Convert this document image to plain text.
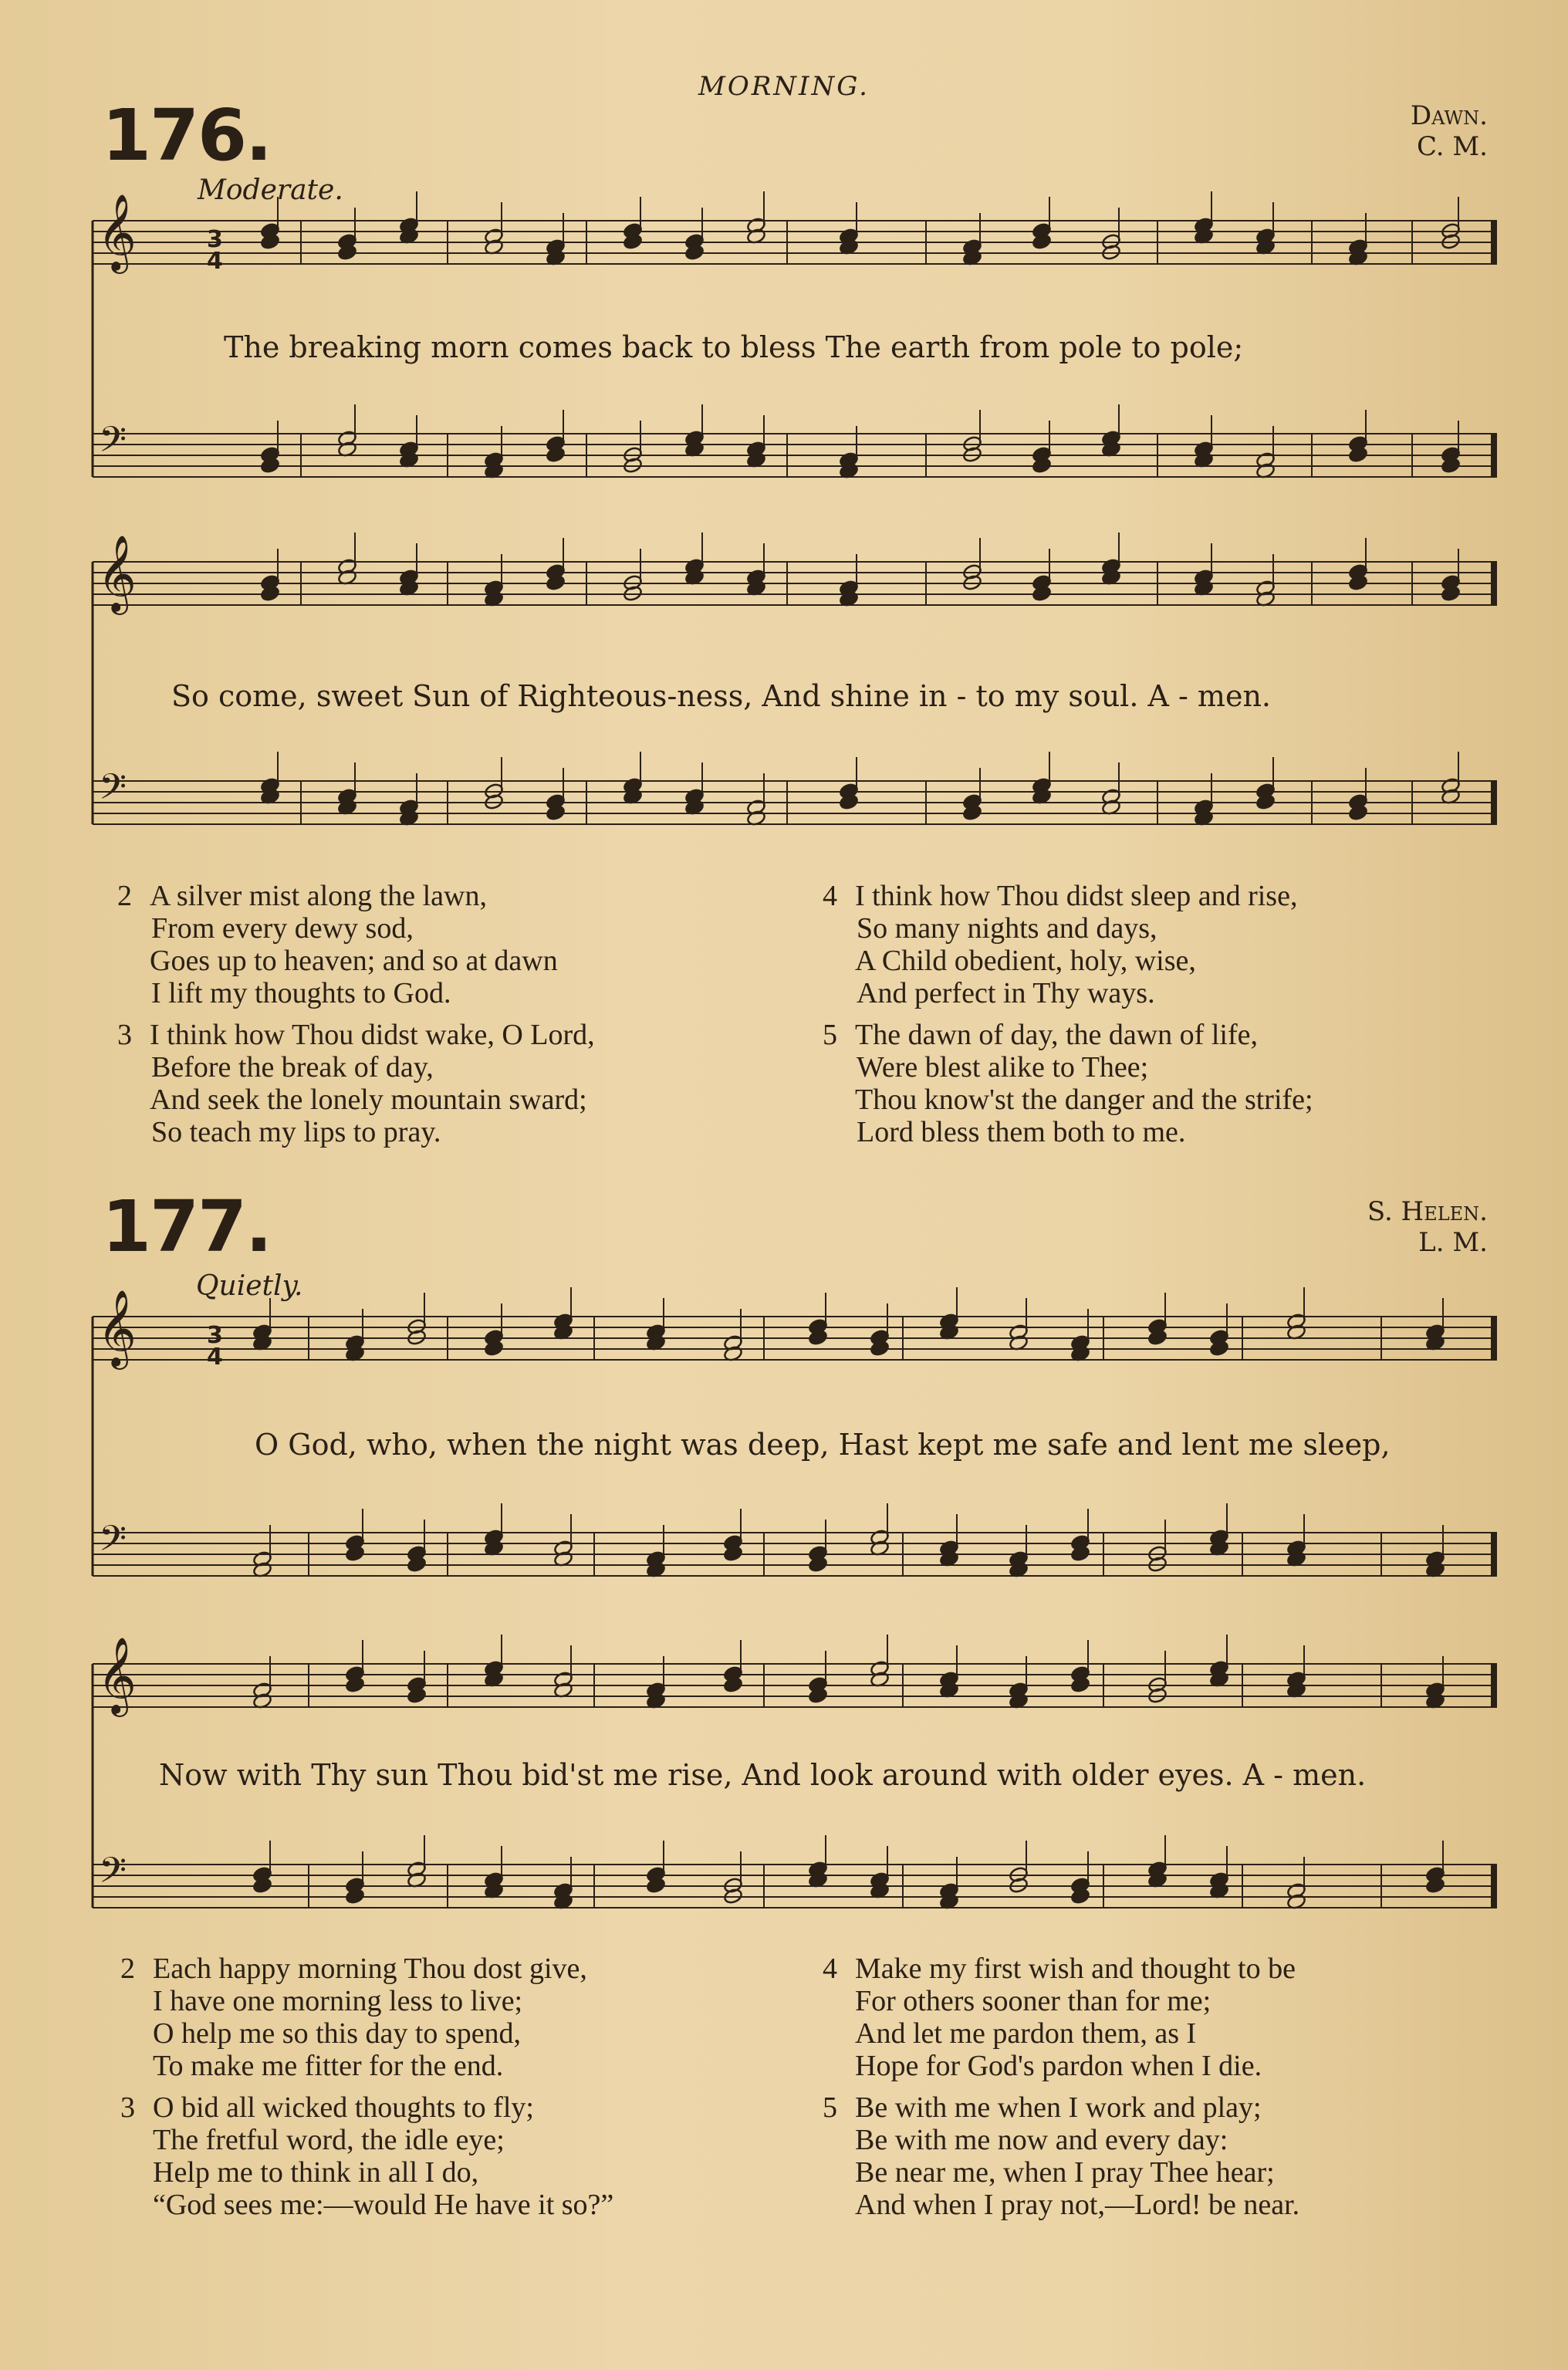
MORNING.
176.	Dawn.
C. M.
Moderate.
𝄞
𝄢
𝄞
𝄢
𝄞
𝄢
𝄞
𝄢
3
4
3
4
The breaking morn comes back to bless The earth from pole to pole;
So come, sweet Sun of Righteous-ness, And shine in - to my soul. A - men.
2 A silver mist along the lawn,
From every dewy sod,
Goes up to heaven; and so at dawn
I lift my thoughts to God.
3 I think how Thou didst wake, O Lord,
Before the break of day,
And seek the lonely mountain sward;
So teach my lips to pray.
4 I think how Thou didst sleep and rise,
So many nights and days,
A Child obedient, holy, wise,
And perfect in Thy ways.
5 The dawn of day, the dawn of life,
Were blest alike to Thee;
Thou know'st the danger and the strife;
Lord bless them both to me.
177.	S. Helen.
L. M.
Quietly.
O God, who, when the night was deep, Hast kept me safe and lent me sleep,
Now with Thy sun Thou bid'st me rise, And look around with older eyes. A - men.
2 Each happy morning Thou dost give,
I have one morning less to live;
O help me so this day to spend,
To make me fitter for the end.
3 O bid all wicked thoughts to fly;
The fretful word, the idle eye;
Help me to think in all I do,
“God sees me:—would He have it so?”
4 Make my first wish and thought to be
For others sooner than for me;
And let me pardon them, as I
Hope for God's pardon when I die.
5 Be with me when I work and play;
Be with me now and every day:
Be near me, when I pray Thee hear;
And when I pray not,—Lord! be near.
